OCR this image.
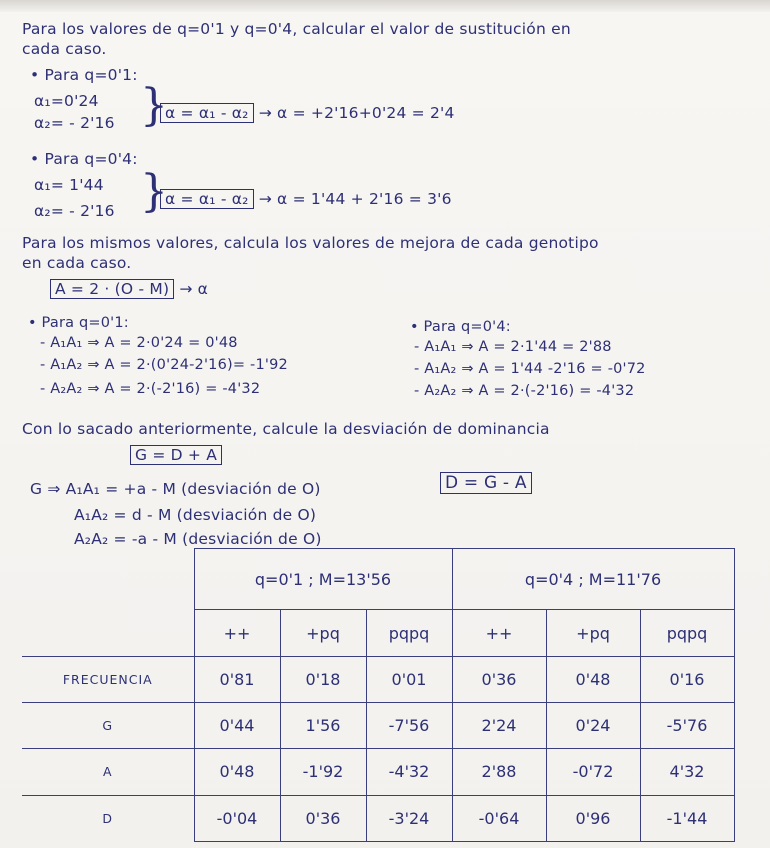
Para los valores de q=0'1 y q=0'4, calcular el valor de sustitución en
cada caso.
• Para q=0'1:
α₁=0'24
α₂= - 2'16 }
α = α₁ - α₂ → α = +2'16+0'24 = 2'4
• Para q=0'4:
α₁= 1'44
α₂= - 2'16 }
α = α₁ - α₂ → α = 1'44 + 2'16 = 3'6
Para los mismos valores, calcula los valores de mejora de cada genotipo
en cada caso.
A = 2 · (O - M) → α
• Para q=0'1:
- A₁A₁ ⇒ A = 2·0'24 = 0'48
- A₁A₂ ⇒ A = 2·(0'24-2'16)= -1'92
- A₂A₂ ⇒ A = 2·(-2'16) = -4'32
• Para q=0'4:
- A₁A₁ ⇒ A = 2·1'44 = 2'88
- A₁A₂ ⇒ A = 1'44 -2'16 = -0'72
- A₂A₂ ⇒ A = 2·(-2'16) = -4'32
Con lo sacado anteriormente, calcule la desviación de dominancia
G = D + A
G ⇒ A₁A₁ = +a - M (desviación de O)	D = G - A
A₁A₂ = d - M (desviación de O)
A₂A₂ = -a - M (desviación de O)
	q=0'1 ; M=13'56			q=0'4 ; M=11'76		
	++	+pq	pqpq	++	+pq	pqpq
FRECUENCIA	0'81	0'18	0'01	0'36	0'48	0'16
G	0'44	1'56	-7'56	2'24	0'24	-5'76
A	0'48	-1'92	-4'32	2'88	-0'72	4'32
D	-0'04	0'36	-3'24	-0'64	0'96	-1'44
